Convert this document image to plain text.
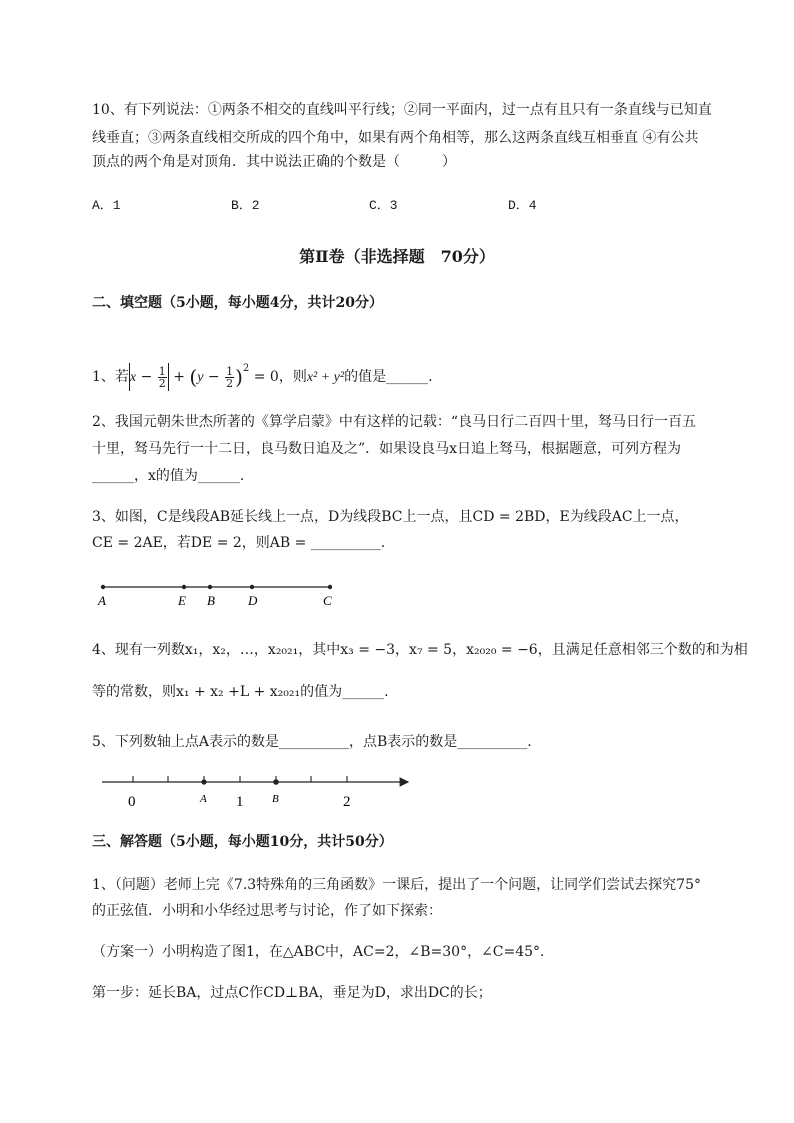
10、有下列说法：①两条不相交的直线叫平行线；②同一平面内，过一点有且只有一条直线与已知直
线垂直；③两条直线相交所成的四个角中，如果有两个角相等，那么这两条直线互相垂直 ④有公共
顶点的两个角是对顶角．其中说法正确的个数是（　　　）
A．1	B．2	C．3	D．4
第Ⅱ卷（非选择题　70分）
二、填空题（5小题，每小题4分，共计20分）
1、若$x - \frac{1}{2} + (y - \frac{1}{2} )^2 = 0$，则x² + y²的值是______.
2、我国元朝朱世杰所著的《算学启蒙》中有这样的记载：“良马日行二百四十里，驽马日行一百五
十里，驽马先行一十二日，良马数日追及之”．如果设良马x日追上驽马，根据题意，可列方程为
______，x的值为______.
3、如图，C是线段AB延长线上一点，D为线段BC上一点，且CD = 2BD，E为线段AC上一点，
CE = 2AE，若DE = 2，则AB = __________.
A	E B	D	C
4、现有一列数x₁，x₂，…，x₂₀₂₁，其中x₃ = −3，x₇ = 5，x₂₀₂₀ = −6，且满足任意相邻三个数的和为相
等的常数，则x₁ + x₂ +L + x₂₀₂₁的值为______.
5、下列数轴上点A表示的数是__________，点B表示的数是__________.
0	A 1	B	2
三、解答题（5小题，每小题10分，共计50分）
1、（问题）老师上完《7.3特殊角的三角函数》一课后，提出了一个问题，让同学们尝试去探究75°
的正弦值．小明和小华经过思考与讨论，作了如下探索：
（方案一）小明构造了图1，在△ABC中，AC=2，∠B=30°，∠C=45°．
第一步：延长BA，过点C作CD⊥BA，垂足为D，求出DC的长；
